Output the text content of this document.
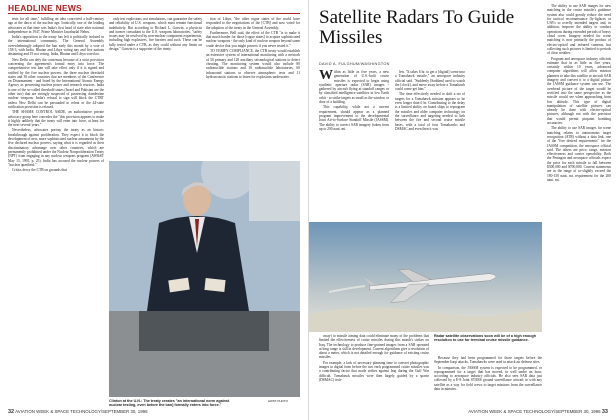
HEADLINE NEWS

tests for all time," fulfilling an idea conceived a half-century ago at the dawn of the nuclear age. Ironically, one of the leading advocates at that time was India's first head of state after national independence in 1947, Prime Minister Jawaharlal Nehru.

India's opposition to the treaty has left it politically isolated in the international community. The General Assembly overwhelmingly adopted the ban early this month by a vote of 158-3, with India, Bhutan and Libya voting nay and five nations abstaining and 19 not voting. India, Bhutan and Libya voted no.

New Delhi can defy the consensus because of a strict provision concerning the agreement's formal entry into force. The comprehensive test ban will take effect only if it is signed and ratified by the five nuclear powers, the three nuclear threshold states and 36 other countries that are members of the Conference on Disarmament - and listed by the International Atomic Energy Agency as possessing nuclear power and research reactors. India is one of the so-called threshold states (Israel and Pakistan are the other two) that are strongly suspected of possessing clandestine nuclear weapons. India's refusal to sign will block the CTBT unless New Delhi can be persuaded to relent or the 44-state ratification provision is relaxed.

THE SHAME CONTROL ASIDE, an authoritative private advocacy group here concedes the "this provision appears to make it highly unlikely that the treaty will enter into force, at least for the next several years."

Nevertheless, advocates portray the treaty as an historic breakthrough against proliferation. They expect it to block the development of new, more sophisticated nuclear armaments by the five declared nuclear powers, saying what it is regarded as their discriminatory advantage over other countries, which are permanently prohibited under the Nuclear Nonproliferation Treaty (NPT) from engaging in any nuclear weapons program (AW&ST May 15, 1995, p. 25). India has accused the nuclear powers of "nuclear apartheid."

Critics decry the CTB on grounds that

only test explosions, not simulations, can guarantee the safety and reliability of U.S. weapons, which must remain functional indefinitely. But according to Richard L. Garwin, a physicist and former consultant to the U.S. weapons laboratories, "safety issues may be resolved by non-nuclear component experiments, including high explosives, fire barriers and such. These can be fully tested under a CTB, as they could without any limits on design." Garwin is a supporter of the treaty.

tion of Libya, "the other rogue states of the world have responded to the negotiations of the [CTB] and now voted for the adoption of the treaty in the General Assembly.

Furthermore, Bell said, the effect of the CTB "is to make it that much harder for those [rogue states] to acquire sophisticated nuclear weapons - the only kind of nuclear weapon beyond some crude device that you might possess if you never tested it."

TO VERIFY COMPLIANCE, the CTB treaty would establish an extensive system of international monitoring with a network of 50 primary and 120 auxiliary seismological stations to detect cheating. The monitoring system would also include 80 radionuclide stations and 16 radionuclide laboratories, 60 infrasound stations to observe atmospheric tests and 11 hydroacoustic stations to listen for explosions underwater.

Clinton at the U.N.: The treaty creates "an international norm against nuclear testing, even before the ban] formally enters into force."
AWST PHOTO
32 AVIATION WEEK & SPACE TECHNOLOGY/SEPTEMBER 30, 1996

Satellite Radars To Guide Missiles
DAVID A. FULGHUM/WASHINGTON
W ithin as little as five years, a new generation of U.S.-built cruise missiles is expected to begin using synthetic aperture radar (SAR) images - gathered by aircraft flying at standoff ranges or by classified intelligence satellites in low Earth orbit - to strike targets as small as the window or door of a building.

This capability, while not a current requirement, should appear as a planned program improvement to the developmental Joint Air-to-Surface Standoff Missile (JASSM). The ability to correct SAR imagery (taken from up to 200 naut. mi.

lets. "It takes 6 hr. to get a [digital] scene into a Tomahawk missile," an aerospace industry official said. "Suddenly [Saddam] used to watch the [clock], and move away before a Tomahawk could come get him."

The time effectively needed to shift a set of targets for a Tomahawk mission appears to be even longer than 6 hr. Contributing to the delay is a limited ability on board ships to reprogram the missiles and older computer technology on the surveillance and targeting needed to link between the fire and second cruise missile bases, with a total of four Tomahawks and DSMAC and even then it was

The ability to use SAR images for new matching in the cruise missile's guidance system also could greatly reduce the need for tactical reconnaissance fly-figlaces or UAVs to overfly intended targets and, in addition, improve the ability to conduct operations during extended periods of heavy cloud cover. Imagery needed for scene matching is now primarily the product of electro-optical and infrared cameras, but collecting such pictures is limited to periods of clear weather.

Program and aerospace industry officials estimate that in as little as five years, certainly within 10 years, advanced computer algorithms will allow mission planners to take this satellite or aircraft SAR imagery and convert it to a digital picture the JASSM guidance system can use. The overhead picture of the target would be rectified into the same perspective as the missile would see when approaching from low altitude. This type of digital manipulation of satellite pictures can already be done with electro-optical pictures, although not with the precision that would permit pinpoint bombing accuracies.

The ability to use SAR images for scene matching relates to autonomous target recognition (ATR) without a data link, one of the "five desired requirements" for the JASSM competition, the aerospace official said. The others are price, range, mission effectiveness and carrier operability. Both the Pentagon and aerospace officials expect the price for each missile to fall between $300,000 and $700,000. Current statements are in the range of so-slightly exceed the 180-150 naut. mi. requirement for the 200 naut. mi.

away) to missile aiming data could eliminate many of the problems that limited the effectiveness of cruise missiles during this month's strikes on Iraq. The technology to produce fine-grained images from a SAR operated at long range is still in development. Current algorithms give a resolution of about a meter, which is not detailed enough for guidance of existing cruise missiles.

For example, a lack of necessary planning time to convert photographic images to digital form before the two each programmed cruise missiles was a contributing factor that made strikes against Iraq during the Gulf War difficult. Tomahawk missiles were then largely guided by a sparse (DSMAC) tech-

Radar satellite observations soon will be of a high enough resolution to use for terminal cruise missile guidance.

Because they had been programmed for those targets before the September Iraqi attacks, Tomahawks were used to attack air defense sites.

In comparison, the JASSM system is expected to be programmed, or reprogrammed for a target that has moved, in well under an hour, according to aerospace industry officials. He also sees SAR data just collected by a E-8 Joint STARS ground surveillance aircraft or with any satellite as a way for field crews to target missions from the surveillance data in minutes.

AVIATION WEEK & SPACE TECHNOLOGY/SEPTEMBER 30, 1996 33
